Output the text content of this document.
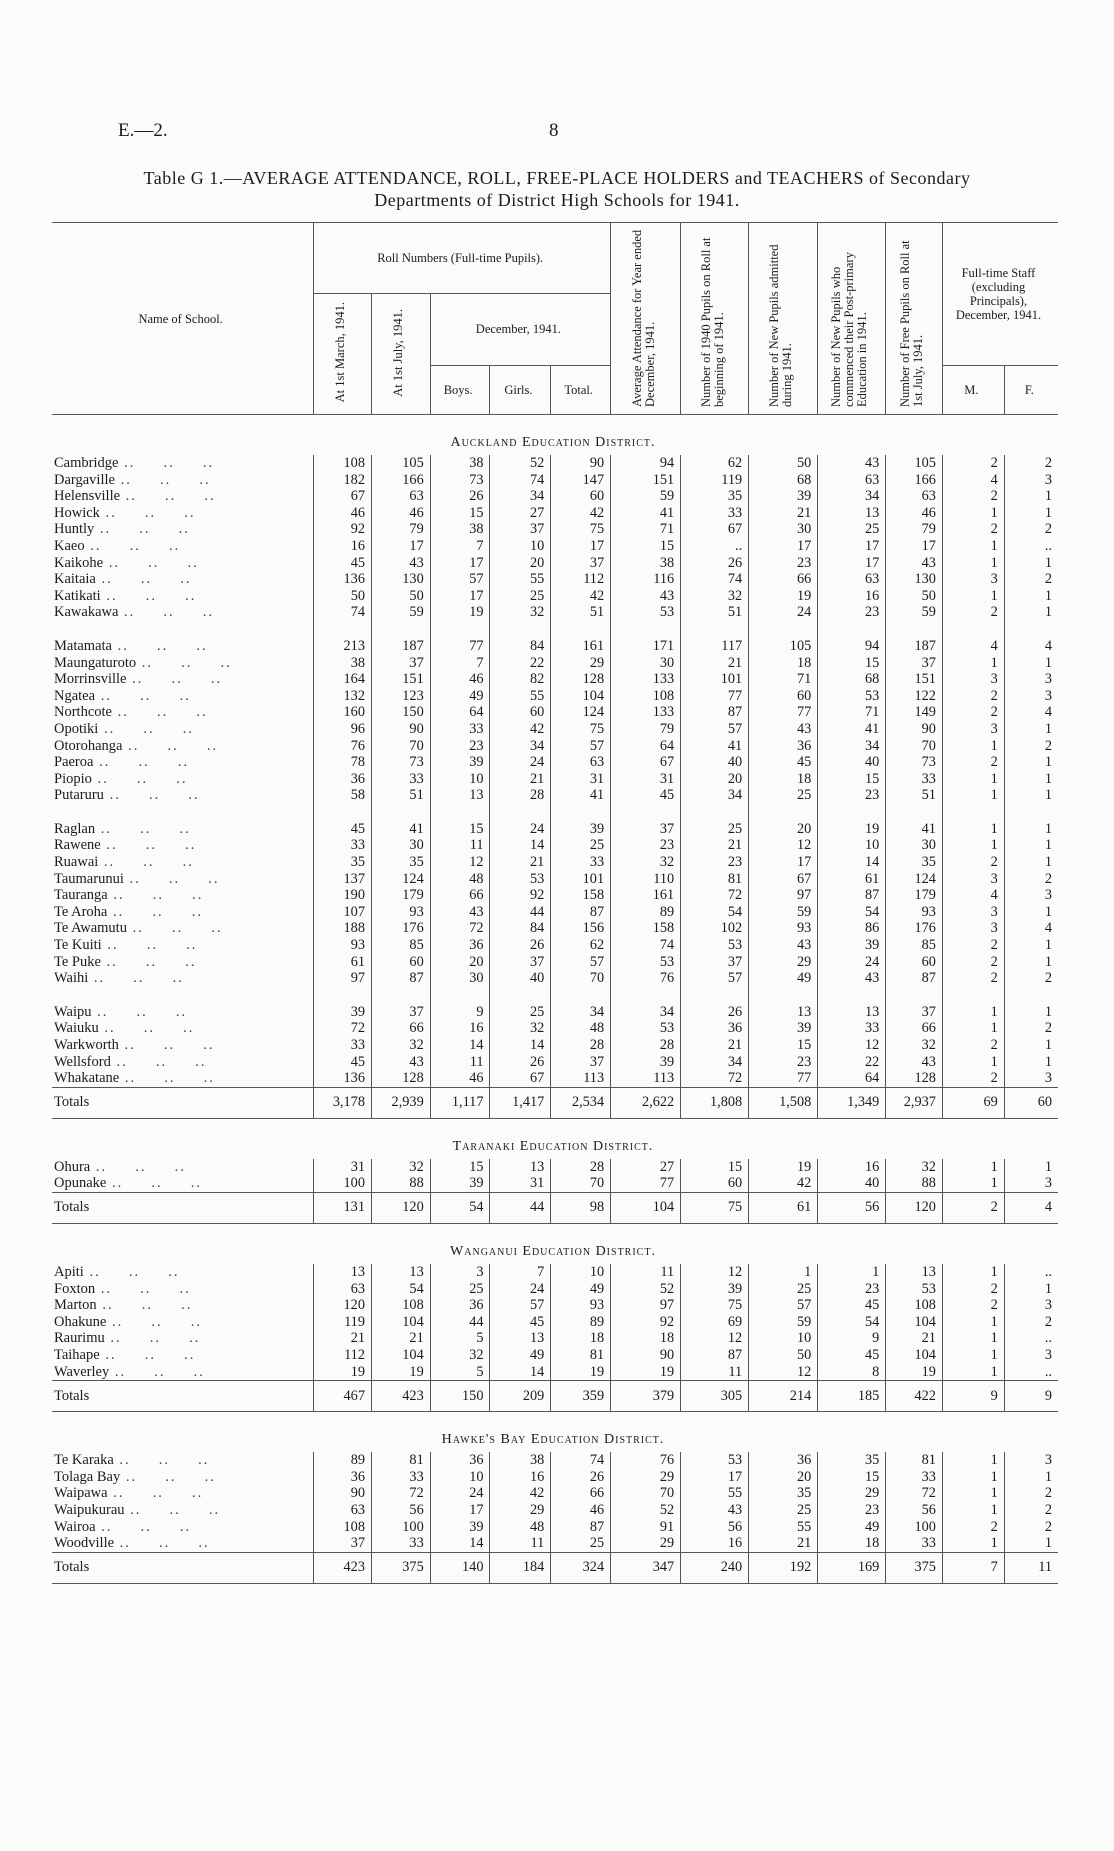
E.—2.	8
Table G 1.—AVERAGE ATTENDANCE, ROLL, FREE-PLACE HOLDERS and TEACHERS of Secondary
Departments of District High Schools for 1941.
Name of School.	Roll Numbers (Full-time Pupils).					Average Attendance for Year ended December, 1941.	Number of 1940 Pupils on Roll at beginning of 1941.	Number of New Pupils admitted during 1941.	Number of New Pupils who commenced their Post-primary Education in 1941.	Number of Free Pupils on Roll at 1st July, 1941.	Full-time Staff (excluding Principals), December, 1941.	
	At 1st March, 1941.	At 1st July, 1941.	December, 1941.									
			Boys.	Girls.	Total.						M.	F.
Auckland Education District.												
Cambridge ..     ..     ..	108	105	38	52	90	94	62	50	43	105	2	2
Dargaville ..     ..     ..	182	166	73	74	147	151	119	68	63	166	4	3
Helensville ..     ..     ..	67	63	26	34	60	59	35	39	34	63	2	1
Howick ..     ..     ..	46	46	15	27	42	41	33	21	13	46	1	1
Huntly ..     ..     ..	92	79	38	37	75	71	67	30	25	79	2	2
Kaeo ..     ..     ..	16	17	7	10	17	15	..	17	17	17	1	..
Kaikohe ..     ..     ..	45	43	17	20	37	38	26	23	17	43	1	1
Kaitaia ..     ..     ..	136	130	57	55	112	116	74	66	63	130	3	2
Katikati ..     ..     ..	50	50	17	25	42	43	32	19	16	50	1	1
Kawakawa ..     ..     ..	74	59	19	32	51	53	51	24	23	59	2	1

Matamata ..     ..     ..	213	187	77	84	161	171	117	105	94	187	4	4
Maungaturoto ..     ..     ..	38	37	7	22	29	30	21	18	15	37	1	1
Morrinsville ..     ..     ..	164	151	46	82	128	133	101	71	68	151	3	3
Ngatea ..     ..     ..	132	123	49	55	104	108	77	60	53	122	2	3
Northcote ..     ..     ..	160	150	64	60	124	133	87	77	71	149	2	4
Opotiki ..     ..     ..	96	90	33	42	75	79	57	43	41	90	3	1
Otorohanga ..     ..     ..	76	70	23	34	57	64	41	36	34	70	1	2
Paeroa ..     ..     ..	78	73	39	24	63	67	40	45	40	73	2	1
Piopio ..     ..     ..	36	33	10	21	31	31	20	18	15	33	1	1
Putaruru ..     ..     ..	58	51	13	28	41	45	34	25	23	51	1	1

Raglan ..     ..     ..	45	41	15	24	39	37	25	20	19	41	1	1
Rawene ..     ..     ..	33	30	11	14	25	23	21	12	10	30	1	1
Ruawai ..     ..     ..	35	35	12	21	33	32	23	17	14	35	2	1
Taumarunui ..     ..     ..	137	124	48	53	101	110	81	67	61	124	3	2
Tauranga ..     ..     ..	190	179	66	92	158	161	72	97	87	179	4	3
Te Aroha ..     ..     ..	107	93	43	44	87	89	54	59	54	93	3	1
Te Awamutu ..     ..     ..	188	176	72	84	156	158	102	93	86	176	3	4
Te Kuiti ..     ..     ..	93	85	36	26	62	74	53	43	39	85	2	1
Te Puke ..     ..     ..	61	60	20	37	57	53	37	29	24	60	2	1
Waihi ..     ..     ..	97	87	30	40	70	76	57	49	43	87	2	2

Waipu ..     ..     ..	39	37	9	25	34	34	26	13	13	37	1	1
Waiuku ..     ..     ..	72	66	16	32	48	53	36	39	33	66	1	2
Warkworth ..     ..     ..	33	32	14	14	28	28	21	15	12	32	2	1
Wellsford ..     ..     ..	45	43	11	26	37	39	34	23	22	43	1	1
Whakatane ..     ..     ..	136	128	46	67	113	113	72	77	64	128	2	3
Totals	3,178	2,939	1,117	1,417	2,534	2,622	1,808	1,508	1,349	2,937	69	60
Taranaki Education District.												
Ohura ..     ..     ..	31	32	15	13	28	27	15	19	16	32	1	1
Opunake ..     ..     ..	100	88	39	31	70	77	60	42	40	88	1	3
Totals	131	120	54	44	98	104	75	61	56	120	2	4
Wanganui Education District.												
Apiti ..     ..     ..	13	13	3	7	10	11	12	1	1	13	1	..
Foxton ..     ..     ..	63	54	25	24	49	52	39	25	23	53	2	1
Marton ..     ..     ..	120	108	36	57	93	97	75	57	45	108	2	3
Ohakune ..     ..     ..	119	104	44	45	89	92	69	59	54	104	1	2
Raurimu ..     ..     ..	21	21	5	13	18	18	12	10	9	21	1	..
Taihape ..     ..     ..	112	104	32	49	81	90	87	50	45	104	1	3
Waverley ..     ..     ..	19	19	5	14	19	19	11	12	8	19	1	..
Totals	467	423	150	209	359	379	305	214	185	422	9	9
Hawke's Bay Education District.												
Te Karaka ..     ..     ..	89	81	36	38	74	76	53	36	35	81	1	3
Tolaga Bay ..     ..     ..	36	33	10	16	26	29	17	20	15	33	1	1
Waipawa ..     ..     ..	90	72	24	42	66	70	55	35	29	72	1	2
Waipukurau ..     ..     ..	63	56	17	29	46	52	43	25	23	56	1	2
Wairoa ..     ..     ..	108	100	39	48	87	91	56	55	49	100	2	2
Woodville ..     ..     ..	37	33	14	11	25	29	16	21	18	33	1	1
Totals	423	375	140	184	324	347	240	192	169	375	7	11
